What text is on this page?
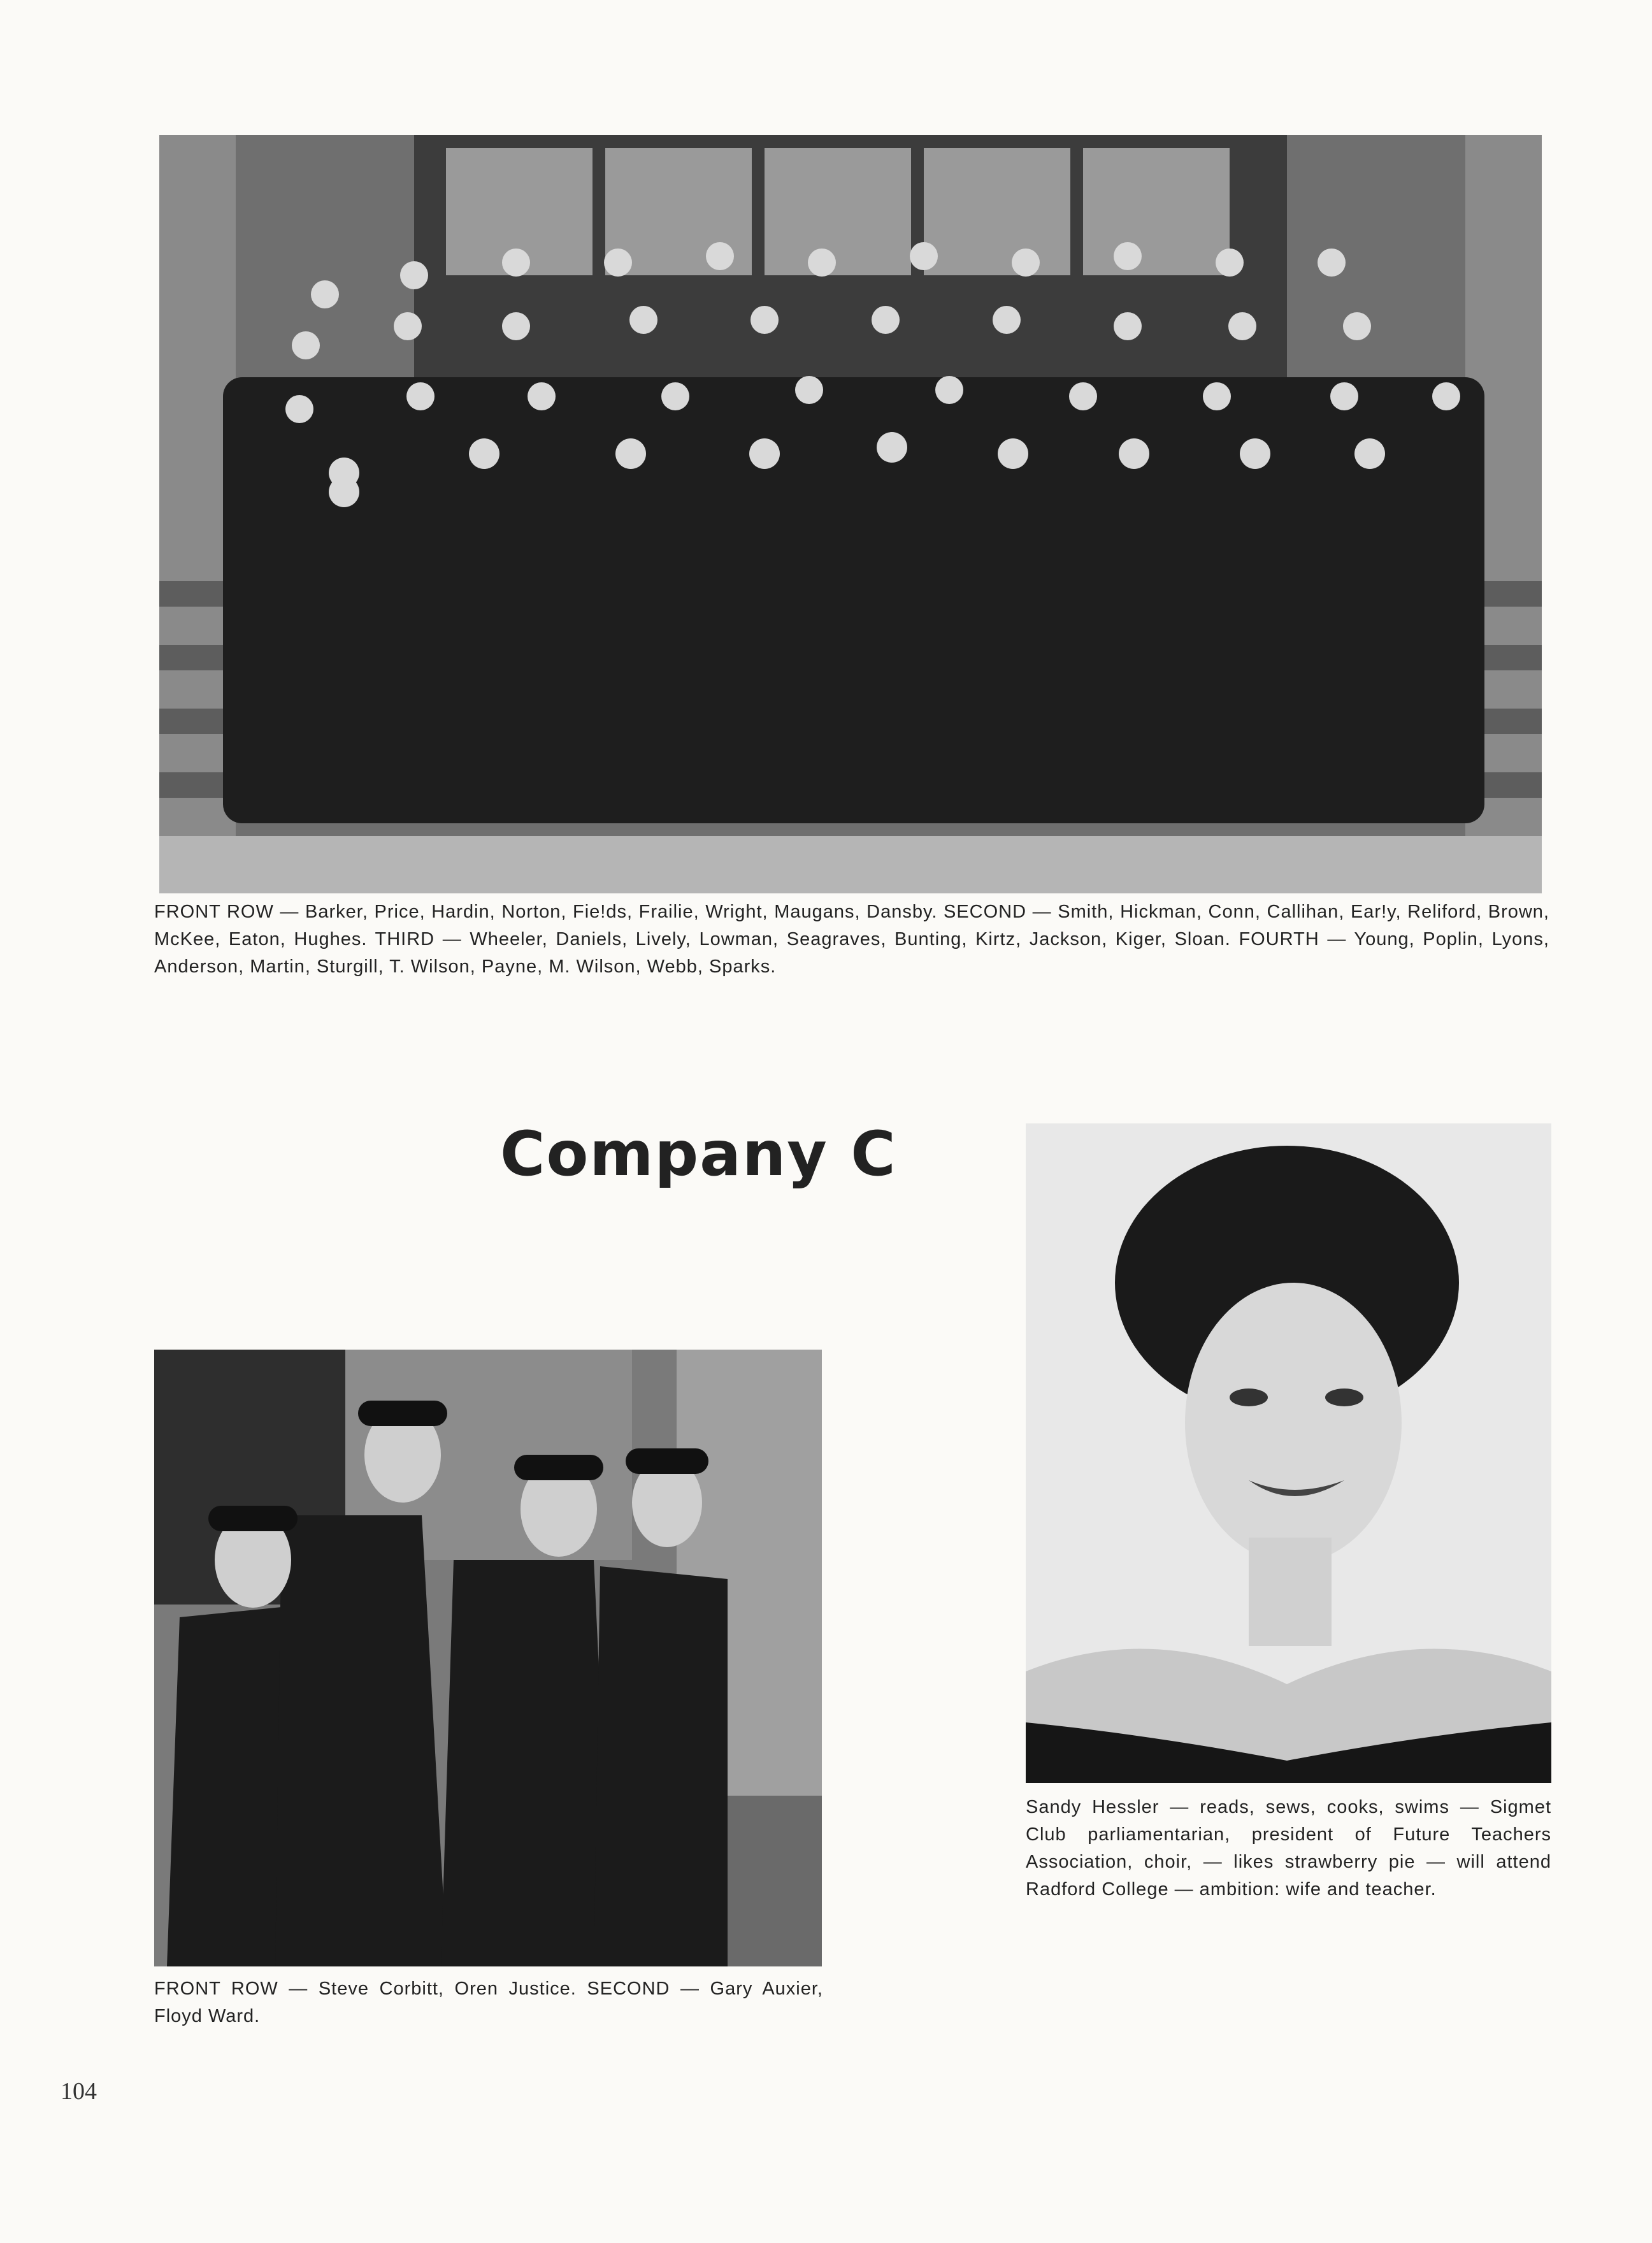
FRONT ROW — Barker, Price, Hardin, Norton, Fie!ds, Frailie, Wright, Maugans, Dansby. SECOND — Smith, Hickman, Conn, Callihan, Ear!y, Reliford, Brown, McKee, Eaton, Hughes. THIRD — Wheeler, Daniels, Lively, Lowman, Seagraves, Bunting, Kirtz, Jackson, Kiger, Sloan. FOURTH — Young, Poplin, Lyons, Anderson, Martin, Sturgill, T. Wilson, Payne, M. Wilson, Webb, Sparks.
Company C
FRONT ROW — Steve Corbitt, Oren Justice. SECOND — Gary Auxier, Floyd Ward.
Sandy Hessler — reads, sews, cooks, swims — Sigmet Club parliamentarian, president of Future Teachers Association, choir, — likes strawberry pie — will attend Radford College — ambition: wife and teacher.
104
